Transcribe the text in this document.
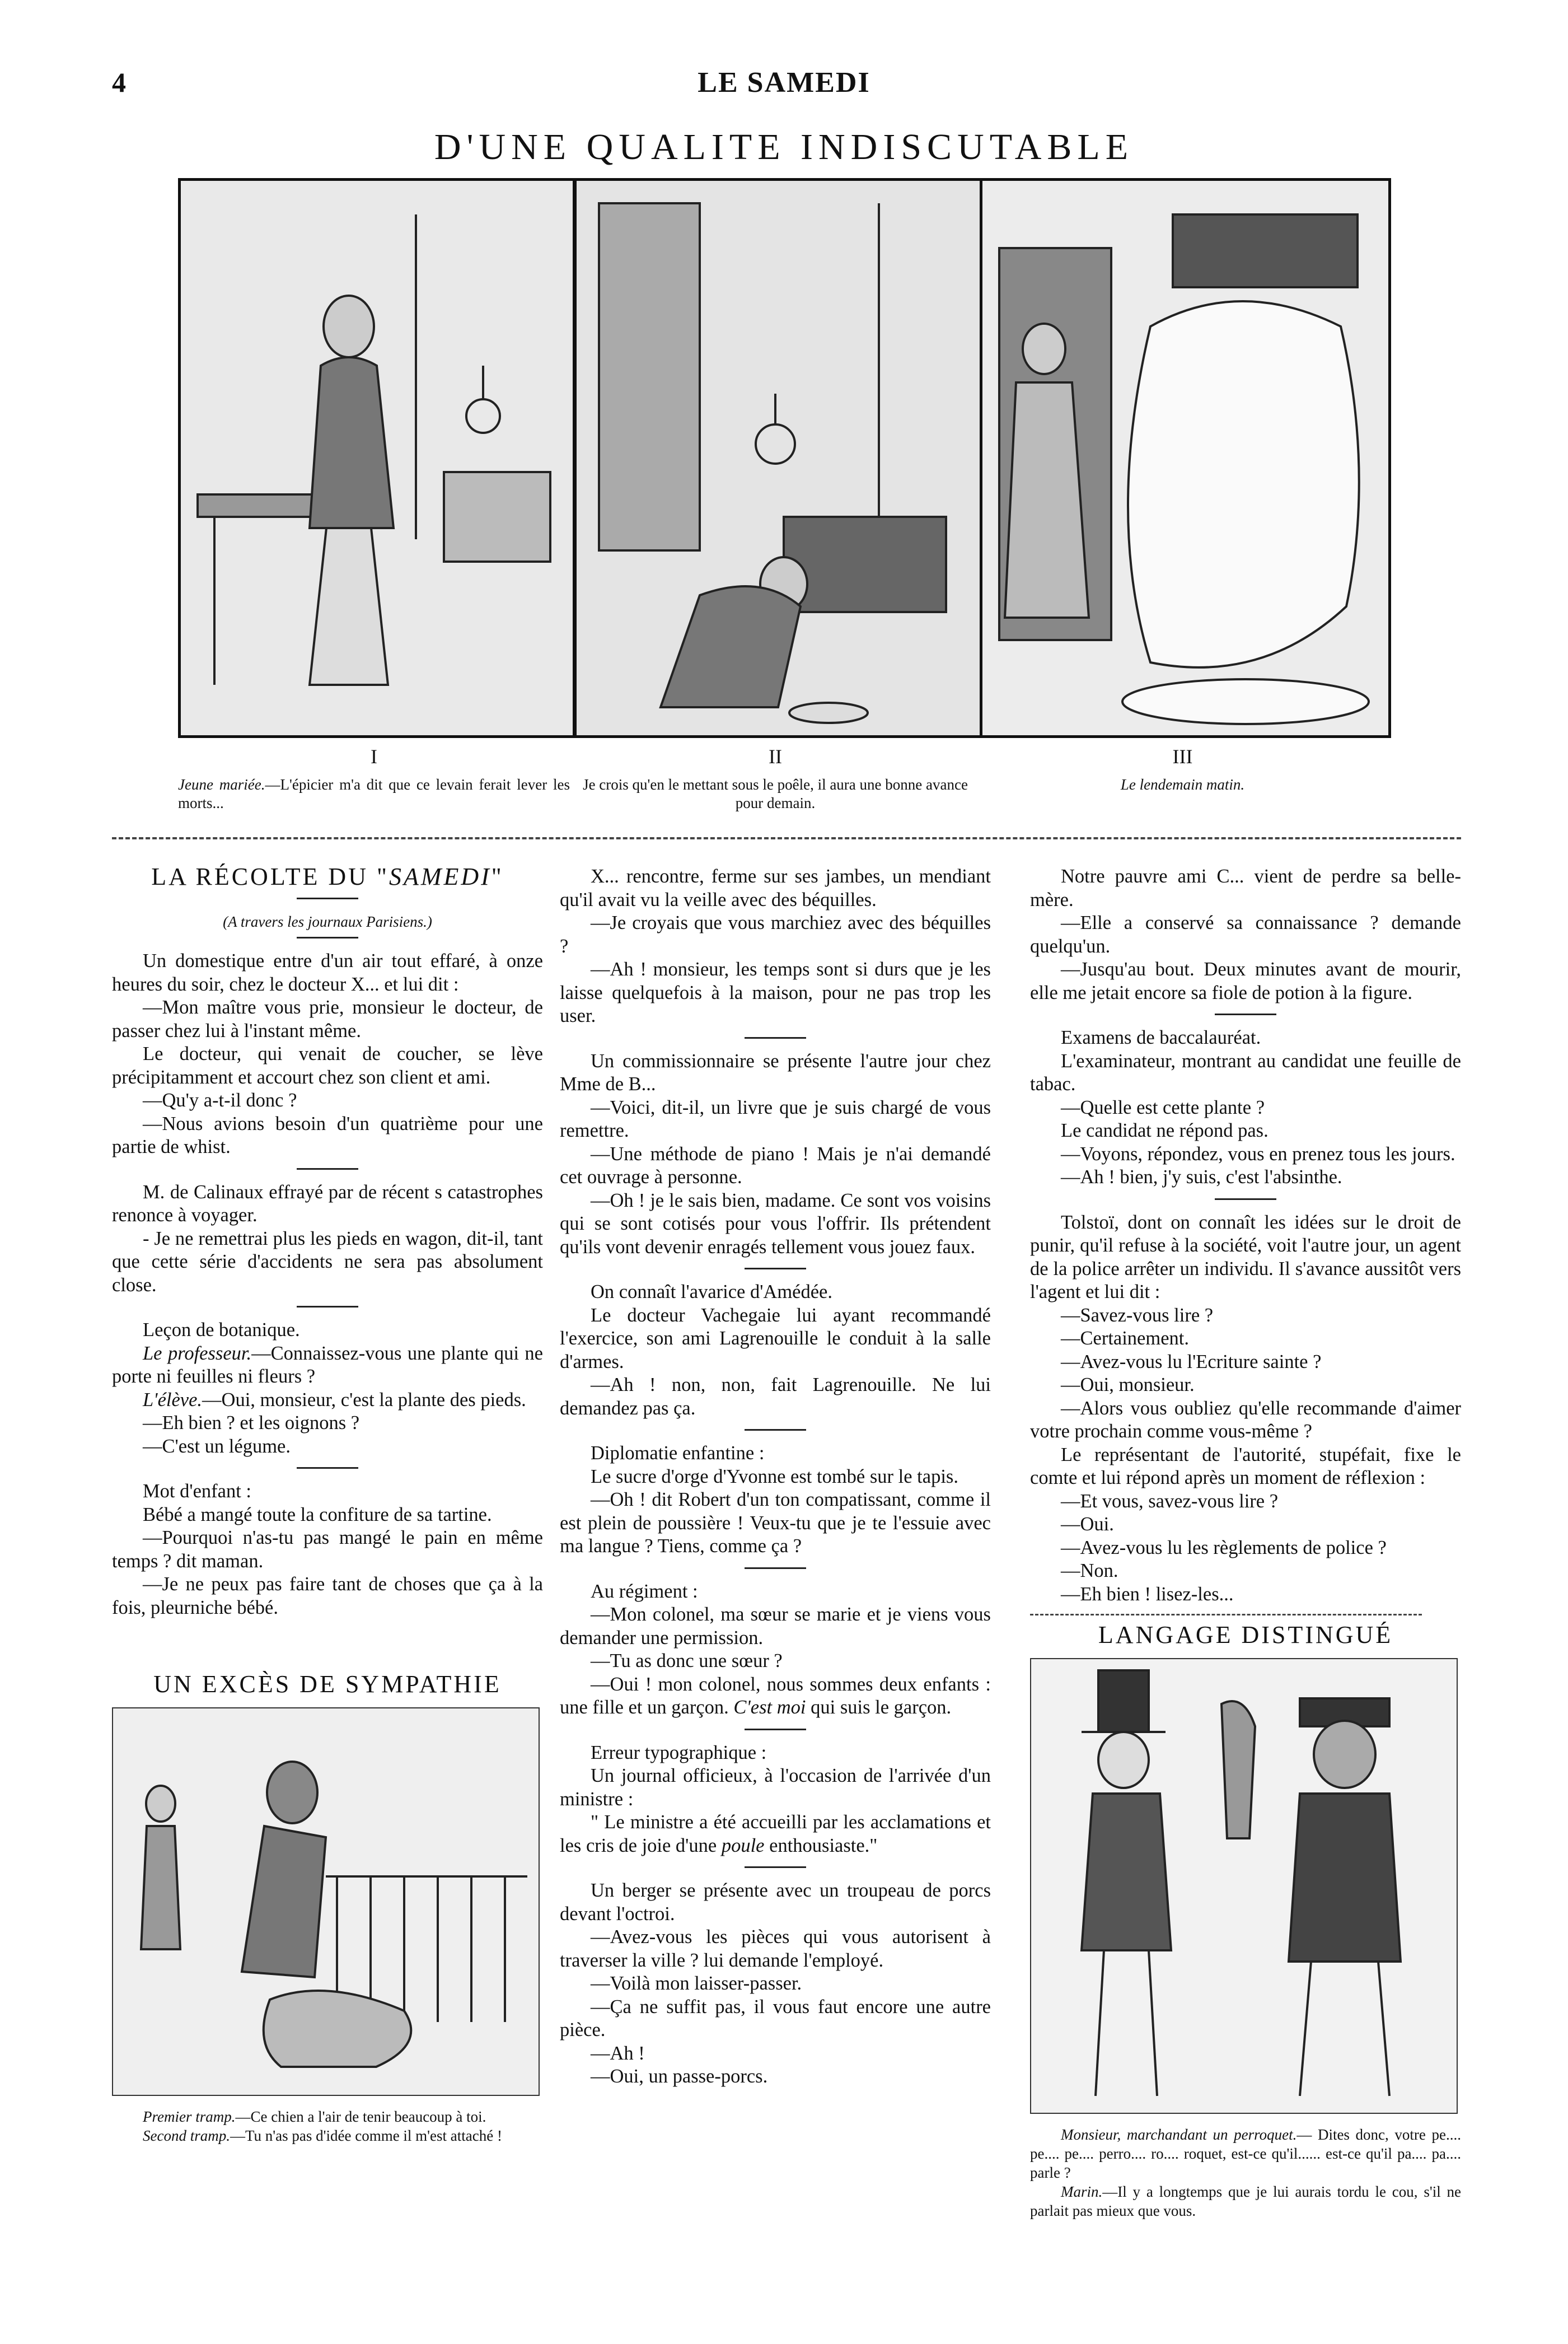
4	LE SAMEDI
D'UNE QUALITE INDISCUTABLE
I	II	III
Jeune mariée.—L'épicier m'a dit que ce levain ferait lever les morts...
Je crois qu'en le mettant sous le poêle, il aura une bonne avance pour demain.
Le lendemain matin.
LA RÉCOLTE DU "SAMEDI"

(A travers les journaux Parisiens.)

Un domestique entre d'un air tout effaré, à onze heures du soir, chez le docteur X... et lui dit :

—Mon maître vous prie, monsieur le docteur, de passer chez lui à l'instant même.

Le docteur, qui venait de coucher, se lève précipitamment et accourt chez son client et ami.

—Qu'y a-t-il donc ?

—Nous avions besoin d'un quatrième pour une partie de whist.

M. de Calinaux effrayé par de récent s catastrophes renonce à voyager.

- Je ne remettrai plus les pieds en wagon, dit-il, tant que cette série d'accidents ne sera pas absolument close.

Leçon de botanique.

Le professeur.—Connaissez-vous une plante qui ne porte ni feuilles ni fleurs ?

L'élève.—Oui, monsieur, c'est la plante des pieds.

—Eh bien ? et les oignons ?

—C'est un légume.

Mot d'enfant :

Bébé a mangé toute la confiture de sa tartine.

—Pourquoi n'as-tu pas mangé le pain en même temps ? dit maman.

—Je ne peux pas faire tant de choses que ça à la fois, pleurniche bébé.

UN EXCÈS DE SYMPATHIE

Premier tramp.—Ce chien a l'air de tenir beaucoup à toi.

Second tramp.—Tu n'as pas d'idée comme il m'est attaché !

X... rencontre, ferme sur ses jambes, un mendiant qu'il avait vu la veille avec des béquilles.

—Je croyais que vous marchiez avec des béquilles ?

—Ah ! monsieur, les temps sont si durs que je les laisse quelquefois à la maison, pour ne pas trop les user.

Un commissionnaire se présente l'autre jour chez Mme de B...

—Voici, dit-il, un livre que je suis chargé de vous remettre.

—Une méthode de piano ! Mais je n'ai demandé cet ouvrage à personne.

—Oh ! je le sais bien, madame. Ce sont vos voisins qui se sont cotisés pour vous l'offrir. Ils prétendent qu'ils vont devenir enragés tellement vous jouez faux.

On connaît l'avarice d'Amédée.

Le docteur Vachegaie lui ayant recommandé l'exercice, son ami Lagrenouille le conduit à la salle d'armes.

—Ah ! non, non, fait Lagrenouille. Ne lui demandez pas ça.

Diplomatie enfantine :

Le sucre d'orge d'Yvonne est tombé sur le tapis.

—Oh ! dit Robert d'un ton compatissant, comme il est plein de poussière ! Veux-tu que je te l'essuie avec ma langue ? Tiens, comme ça ?

Au régiment :

—Mon colonel, ma sœur se marie et je viens vous demander une permission.

—Tu as donc une sœur ?

—Oui ! mon colonel, nous sommes deux enfants : une fille et un garçon. C'est moi qui suis le garçon.

Erreur typographique :

Un journal officieux, à l'occasion de l'arrivée d'un ministre :

" Le ministre a été accueilli par les acclamations et les cris de joie d'une poule enthousiaste."

Un berger se présente avec un troupeau de porcs devant l'octroi.

—Avez-vous les pièces qui vous autorisent à traverser la ville ? lui demande l'employé.

—Voilà mon laisser-passer.

—Ça ne suffit pas, il vous faut encore une autre pièce.

—Ah !

—Oui, un passe-porcs.

Notre pauvre ami C... vient de perdre sa belle-mère.

—Elle a conservé sa connaissance ? demande quelqu'un.

—Jusqu'au bout. Deux minutes avant de mourir, elle me jetait encore sa fiole de potion à la figure.

Examens de baccalauréat.

L'examinateur, montrant au candidat une feuille de tabac.

—Quelle est cette plante ?

Le candidat ne répond pas.

—Voyons, répondez, vous en prenez tous les jours.

—Ah ! bien, j'y suis, c'est l'absinthe.

Tolstoï, dont on connaît les idées sur le droit de punir, qu'il refuse à la société, voit l'autre jour, un agent de la police arrêter un individu. Il s'avance aussitôt vers l'agent et lui dit :

—Savez-vous lire ?

—Certainement.

—Avez-vous lu l'Ecriture sainte ?

—Oui, monsieur.

—Alors vous oubliez qu'elle recommande d'aimer votre prochain comme vous-même ?

Le représentant de l'autorité, stupéfait, fixe le comte et lui répond après un moment de réflexion :

—Et vous, savez-vous lire ?

—Oui.

—Avez-vous lu les règlements de police ?

—Non.

—Eh bien ! lisez-les...

LANGAGE DISTINGUÉ

Monsieur, marchandant un perroquet.— Dites donc, votre pe.... pe.... pe.... perro.... ro.... roquet, est-ce qu'il...... est-ce qu'il pa.... pa.... parle ?

Marin.—Il y a longtemps que je lui aurais tordu le cou, s'il ne parlait pas mieux que vous.
